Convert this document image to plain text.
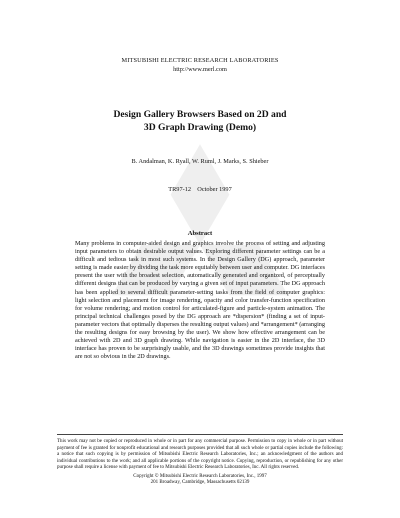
MITSUBISHI ELECTRIC RESEARCH LABORATORIES
http://www.merl.com
Design Gallery Browsers Based on 2D and
3D Graph Drawing (Demo)
B. Andalman, K. Ryall, W. Ruml, J. Marks, S. Shieber
TR97-12    October 1997
Abstract
Many problems in computer-aided design and graphics involve the process of setting and adjusting input parameters to obtain desirable output values. Exploring different parameter settings can be a difficult and tedious task in most such systems. In the Design Gallery (DG) approach, parameter setting is made easier by dividing the task more equitably between user and computer. DG interfaces present the user with the broadest selection, automatically generated and organized, of perceptually different designs that can be produced by varying a given set of input parameters. The DG approach has been applied to several difficult parameter-setting tasks from the field of computer graphics: light selection and placement for image rendering, opacity and color transfer-function specification for volume rendering; and motion control for articulated-figure and particle-system animation. The principal technical challenges posed by the DG approach are *dispersion* (finding a set of input-parameter vectors that optimally disperses the resulting output values) and *arrangement* (arranging the resulting designs for easy browsing by the user). We show how effective arrangement can be achieved with 2D and 3D graph drawing. While navigation is easier in the 2D interface, the 3D interface has proven to be surprisingly usable, and the 3D drawings sometimes provide insights that are not so obvious in the 2D drawings.
This work may not be copied or reproduced in whole or in part for any commercial purpose. Permission to copy in whole or in part without payment of fee is granted for nonprofit educational and research purposes provided that all such whole or partial copies include the following: a notice that such copying is by permission of Mitsubishi Electric Research Laboratories, Inc.; an acknowledgment of the authors and individual contributions to the work; and all applicable portions of the copyright notice. Copying, reproduction, or republishing for any other purpose shall require a license with payment of fee to Mitsubishi Electric Research Laboratories, Inc. All rights reserved.
Copyright © Mitsubishi Electric Research Laboratories, Inc., 1997
201 Broadway, Cambridge, Massachusetts 02139
